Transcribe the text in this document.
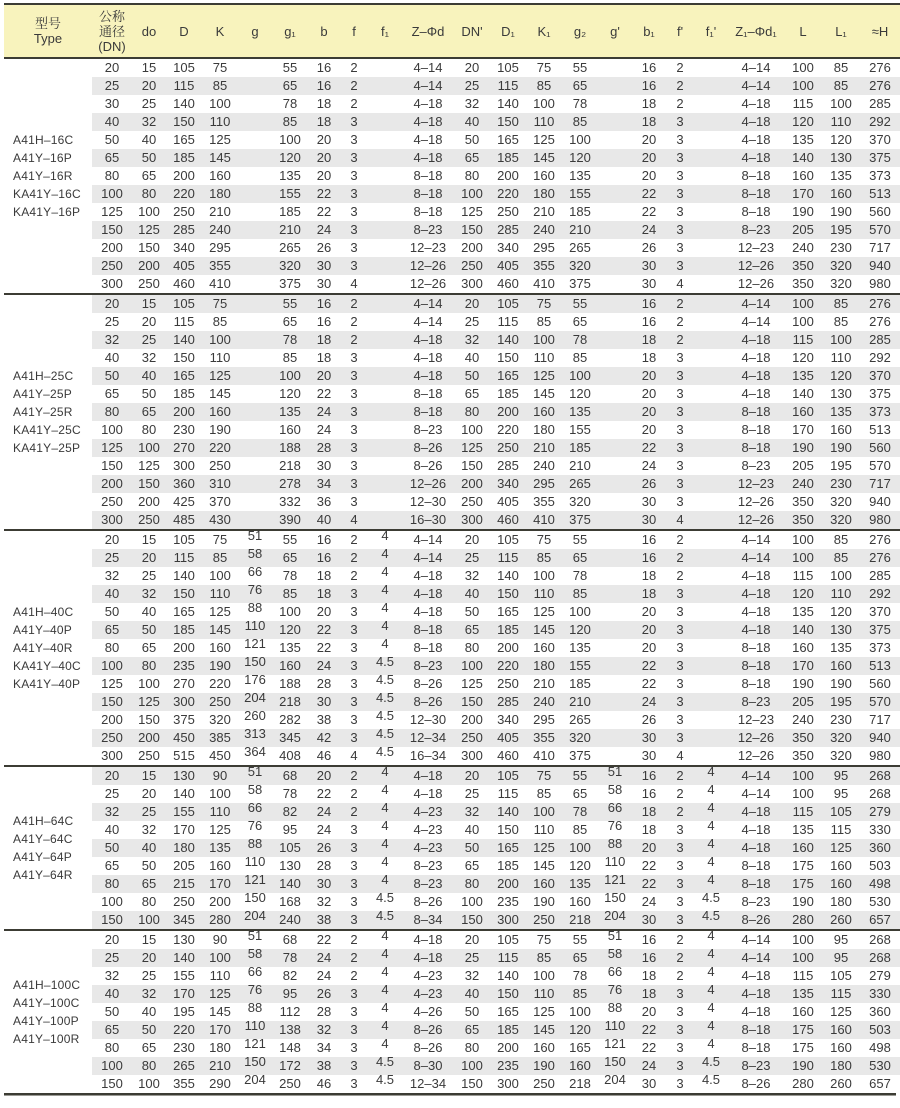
型号
Type

公称
通径
(DN)

do	D	K	g	g₁	b	f	f₁	Z–Φd	DN'	D₁	K₁	g₂	g'	b₁	f'	f₁'	Z₁–Φd₁	L	L₁	≈H

A41H–16C
A41Y–16P
A41Y–16R
KA41Y–16C
KA41Y–16P	20	15	105	75		55	16	2		4–14	20	105	75	55		16	2		4–14	100	85	276
	25	20	115	85		65	16	2		4–14	25	115	85	65		16	2		4–14	100	85	276
	30	25	140	100		78	18	2		4–18	32	140	100	78		18	2		4–18	115	100	285
	40	32	150	110		85	18	3		4–18	40	150	110	85		18	3		4–18	120	110	292
	50	40	165	125		100	20	3		4–18	50	165	125	100		20	3		4–18	135	120	370
	65	50	185	145		120	20	3		4–18	65	185	145	120		20	3		4–18	140	130	375
	80	65	200	160		135	20	3		8–18	80	200	160	135		20	3		8–18	160	135	373
	100	80	220	180		155	22	3		8–18	100	220	180	155		22	3		8–18	170	160	513
	125	100	250	210		185	22	3		8–18	125	250	210	185		22	3		8–18	190	190	560
	150	125	285	240		210	24	3		8–23	150	285	240	210		24	3		8–23	205	195	570
	200	150	340	295		265	26	3		12–23	200	340	295	265		26	3		12–23	240	230	717
	250	200	405	355		320	30	3		12–26	250	405	355	320		30	3		12–26	350	320	940
	300	250	460	410		375	30	4		12–26	300	460	410	375		30	4		12–26	350	320	980

A41H–25C
A41Y–25P
A41Y–25R
KA41Y–25C
KA41Y–25P	20	15	105	75		55	16	2		4–14	20	105	75	55		16	2		4–14	100	85	276
	25	20	115	85		65	16	2		4–14	25	115	85	65		16	2		4–14	100	85	276
	32	25	140	100		78	18	2		4–18	32	140	100	78		18	2		4–18	115	100	285
	40	32	150	110		85	18	3		4–18	40	150	110	85		18	3		4–18	120	110	292
	50	40	165	125		100	20	3		4–18	50	165	125	100		20	3		4–18	135	120	370
	65	50	185	145		120	22	3		8–18	65	185	145	120		20	3		4–18	140	130	375
	80	65	200	160		135	24	3		8–18	80	200	160	135		20	3		8–18	160	135	373
	100	80	230	190		160	24	3		8–23	100	220	180	155		20	3		8–18	170	160	513
	125	100	270	220		188	28	3		8–26	125	250	210	185		22	3		8–18	190	190	560
	150	125	300	250		218	30	3		8–26	150	285	240	210		24	3		8–23	205	195	570
	200	150	360	310		278	34	3		12–26	200	340	295	265		26	3		12–23	240	230	717
	250	200	425	370		332	36	3		12–30	250	405	355	320		30	3		12–26	350	320	940
	300	250	485	430		390	40	4		16–30	300	460	410	375		30	4		12–26	350	320	980

A41H–40C
A41Y–40P
A41Y–40R
KA41Y–40C
KA41Y–40P	20	15	105	75	51	55	16	2	4	4–14	20	105	75	55		16	2		4–14	100	85	276
	25	20	115	85	58	65	16	2	4	4–14	25	115	85	65		16	2		4–14	100	85	276
	32	25	140	100	66	78	18	2	4	4–18	32	140	100	78		18	2		4–18	115	100	285
	40	32	150	110	76	85	18	3	4	4–18	40	150	110	85		18	3		4–18	120	110	292
	50	40	165	125	88	100	20	3	4	4–18	50	165	125	100		20	3		4–18	135	120	370
	65	50	185	145	110	120	22	3	4	8–18	65	185	145	120		20	3		4–18	140	130	375
	80	65	200	160	121	135	22	3	4	8–18	80	200	160	135		20	3		8–18	160	135	373
	100	80	235	190	150	160	24	3	4.5	8–23	100	220	180	155		22	3		8–18	170	160	513
	125	100	270	220	176	188	28	3	4.5	8–26	125	250	210	185		22	3		8–18	190	190	560
	150	125	300	250	204	218	30	3	4.5	8–26	150	285	240	210		24	3		8–23	205	195	570
	200	150	375	320	260	282	38	3	4.5	12–30	200	340	295	265		26	3		12–23	240	230	717
	250	200	450	385	313	345	42	3	4.5	12–34	250	405	355	320		30	3		12–26	350	320	940
	300	250	515	450	364	408	46	4	4.5	16–34	300	460	410	375		30	4		12–26	350	320	980

A41H–64C
A41Y–64C
A41Y–64P
A41Y–64R	20	15	130	90	51	68	20	2	4	4–18	20	105	75	55	51	16	2	4	4–14	100	95	268
	25	20	140	100	58	78	22	2	4	4–18	25	115	85	65	58	16	2	4	4–14	100	95	268
	32	25	155	110	66	82	24	2	4	4–23	32	140	100	78	66	18	2	4	4–18	115	105	279
	40	32	170	125	76	95	24	3	4	4–23	40	150	110	85	76	18	3	4	4–18	135	115	330
	50	40	180	135	88	105	26	3	4	4–23	50	165	125	100	88	20	3	4	4–18	160	125	360
	65	50	205	160	110	130	28	3	4	8–23	65	185	145	120	110	22	3	4	8–18	175	160	503
	80	65	215	170	121	140	30	3	4	8–23	80	200	160	135	121	22	3	4	8–18	175	160	498
	100	80	250	200	150	168	32	3	4.5	8–26	100	235	190	160	150	24	3	4.5	8–23	190	180	530
	150	100	345	280	204	240	38	3	4.5	8–34	150	300	250	218	204	30	3	4.5	8–26	280	260	657

A41H–100C
A41Y–100C
A41Y–100P
A41Y–100R	20	15	130	90	51	68	22	2	4	4–18	20	105	75	55	51	16	2	4	4–14	100	95	268
	25	20	140	100	58	78	24	2	4	4–18	25	115	85	65	58	16	2	4	4–14	100	95	268
	32	25	155	110	66	82	24	2	4	4–23	32	140	100	78	66	18	2	4	4–18	115	105	279
	40	32	170	125	76	95	26	3	4	4–23	40	150	110	85	76	18	3	4	4–18	135	115	330
	50	40	195	145	88	112	28	3	4	4–26	50	165	125	100	88	20	3	4	4–18	160	125	360
	65	50	220	170	110	138	32	3	4	8–26	65	185	145	120	110	22	3	4	8–18	175	160	503
	80	65	230	180	121	148	34	3	4	8–26	80	200	160	165	121	22	3	4	8–18	175	160	498
	100	80	265	210	150	172	38	3	4.5	8–30	100	235	190	160	150	24	3	4.5	8–23	190	180	530
	150	100	355	290	204	250	46	3	4.5	12–34	150	300	250	218	204	30	3	4.5	8–26	280	260	657
